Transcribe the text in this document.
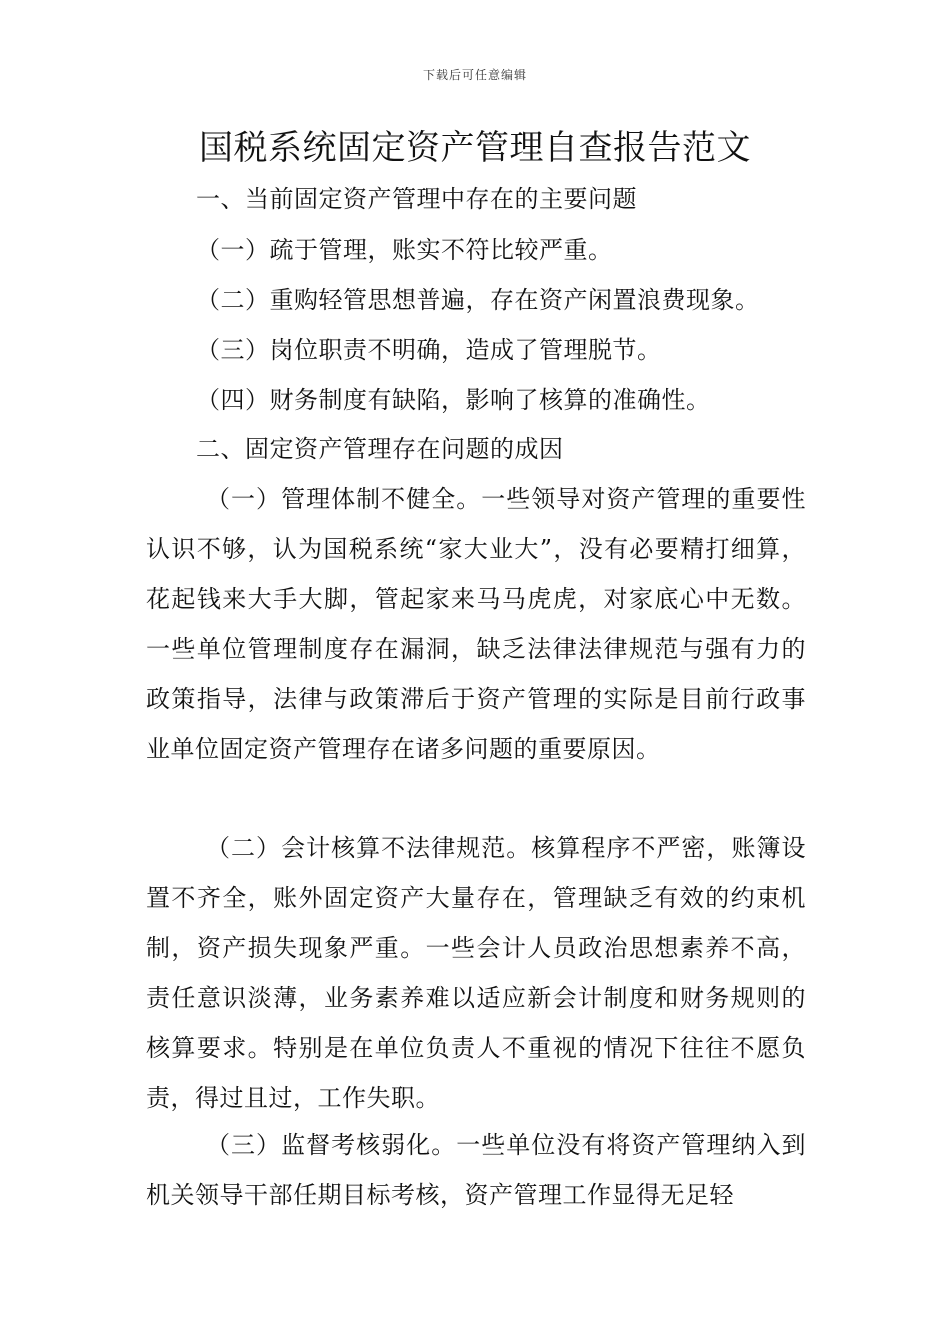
下载后可任意编辑
国税系统固定资产管理自查报告范文

一、当前固定资产管理中存在的主要问题

（一）疏于管理，账实不符比较严重。

（二）重购轻管思想普遍，存在资产闲置浪费现象。

（三）岗位职责不明确，造成了管理脱节。

（四）财务制度有缺陷，影响了核算的准确性。

二、固定资产管理存在问题的成因

（一）管理体制不健全。一些领导对资产管理的重要性认识不够，认为国税系统“家大业大”，没有必要精打细算，花起钱来大手大脚，管起家来马马虎虎，对家底心中无数。一些单位管理制度存在漏洞，缺乏法律法律规范与强有力的政策指导，法律与政策滞后于资产管理的实际是目前行政事业单位固定资产管理存在诸多问题的重要原因。

（二）会计核算不法律规范。核算程序不严密，账簿设置不齐全，账外固定资产大量存在，管理缺乏有效的约束机制，资产损失现象严重。一些会计人员政治思想素养不高，责任意识淡薄，业务素养难以适应新会计制度和财务规则的核算要求。特别是在单位负责人不重视的情况下往往不愿负责，得过且过，工作失职。

（三）监督考核弱化。一些单位没有将资产管理纳入到机关领导干部任期目标考核，资产管理工作显得无足轻
